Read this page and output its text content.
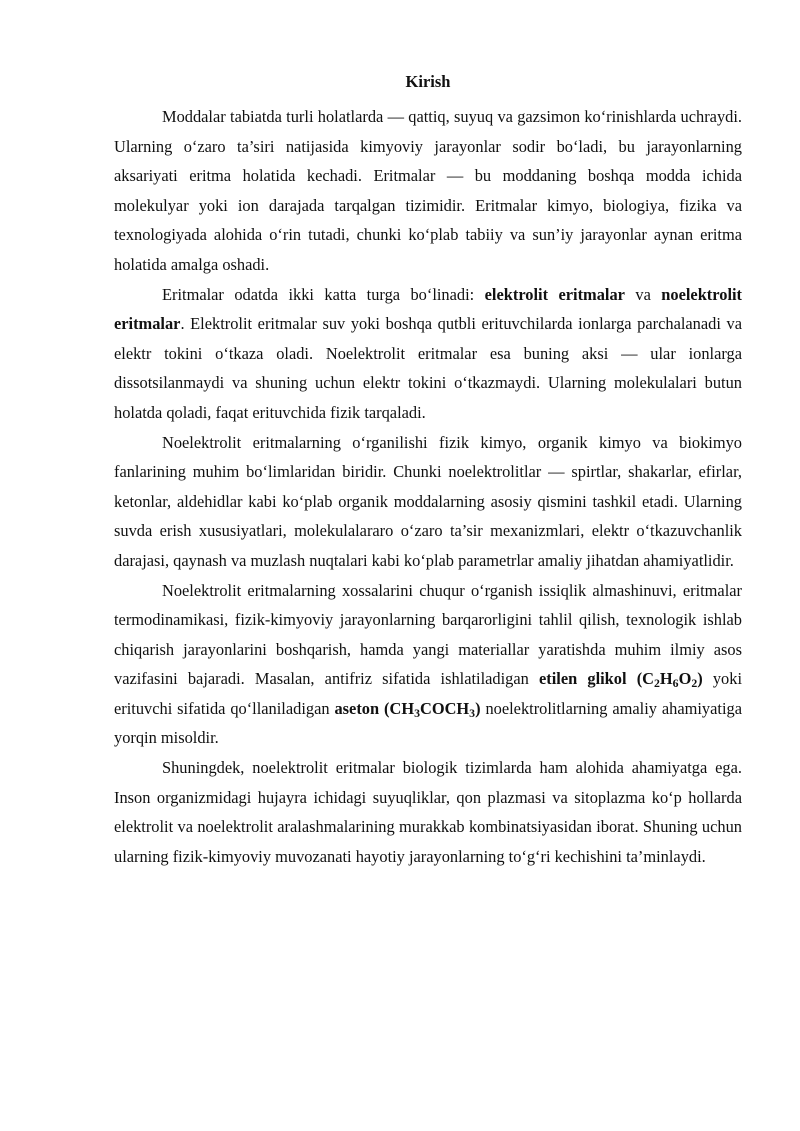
Kirish

Moddalar tabiatda turli holatlarda — qattiq, suyuq va gazsimon ko‘rinishlarda uchraydi. Ularning o‘zaro ta’siri natijasida kimyoviy jarayonlar sodir bo‘ladi, bu jarayonlarning aksariyati eritma holatida kechadi. Eritmalar — bu moddaning boshqa modda ichida molekulyar yoki ion darajada tarqalgan tizimidir. Eritmalar kimyo, biologiya, fizika va texnologiyada alohida o‘rin tutadi, chunki ko‘plab tabiiy va sun’iy jarayonlar aynan eritma holatida amalga oshadi.

Eritmalar odatda ikki katta turga bo‘linadi: elektrolit eritmalar va noelektrolit eritmalar. Elektrolit eritmalar suv yoki boshqa qutbli erituvchilarda ionlarga parchalanadi va elektr tokini o‘tkaza oladi. Noelektrolit eritmalar esa buning aksi — ular ionlarga dissotsilanmaydi va shuning uchun elektr tokini o‘tkazmaydi. Ularning molekulalari butun holatda qoladi, faqat erituvchida fizik tarqaladi.

Noelektrolit eritmalarning o‘rganilishi fizik kimyo, organik kimyo va biokimyo fanlarining muhim bo‘limlaridan biridir. Chunki noelektrolitlar — spirtlar, shakarlar, efirlar, ketonlar, aldehidlar kabi ko‘plab organik moddalarning asosiy qismini tashkil etadi. Ularning suvda erish xususiyatlari, molekulalararo o‘zaro ta’sir mexanizmlari, elektr o‘tkazuvchanlik darajasi, qaynash va muzlash nuqtalari kabi ko‘plab parametrlar amaliy jihatdan ahamiyatlidir.

Noelektrolit eritmalarning xossalarini chuqur o‘rganish issiqlik almashinuvi, eritmalar termodinamikasi, fizik-kimyoviy jarayonlarning barqarorligini tahlil qilish, texnologik ishlab chiqarish jarayonlarini boshqarish, hamda yangi materiallar yaratishda muhim ilmiy asos vazifasini bajaradi. Masalan, antifriz sifatida ishlatiladigan etilen glikol $(C_2H_6O_2)$ yoki erituvchi sifatida qo‘llaniladigan aseton $(CH_3COCH_3)$ noelektrolitlarning amaliy ahamiyatiga yorqin misoldir.

Shuningdek, noelektrolit eritmalar biologik tizimlarda ham alohida ahamiyatga ega. Inson organizmidagi hujayra ichidagi suyuqliklar, qon plazmasi va sitoplazma ko‘p hollarda elektrolit va noelektrolit aralashmalarining murakkab kombinatsiyasidan iborat. Shuning uchun ularning fizik-kimyoviy muvozanati hayotiy jarayonlarning to‘g‘ri kechishini ta’minlaydi.
